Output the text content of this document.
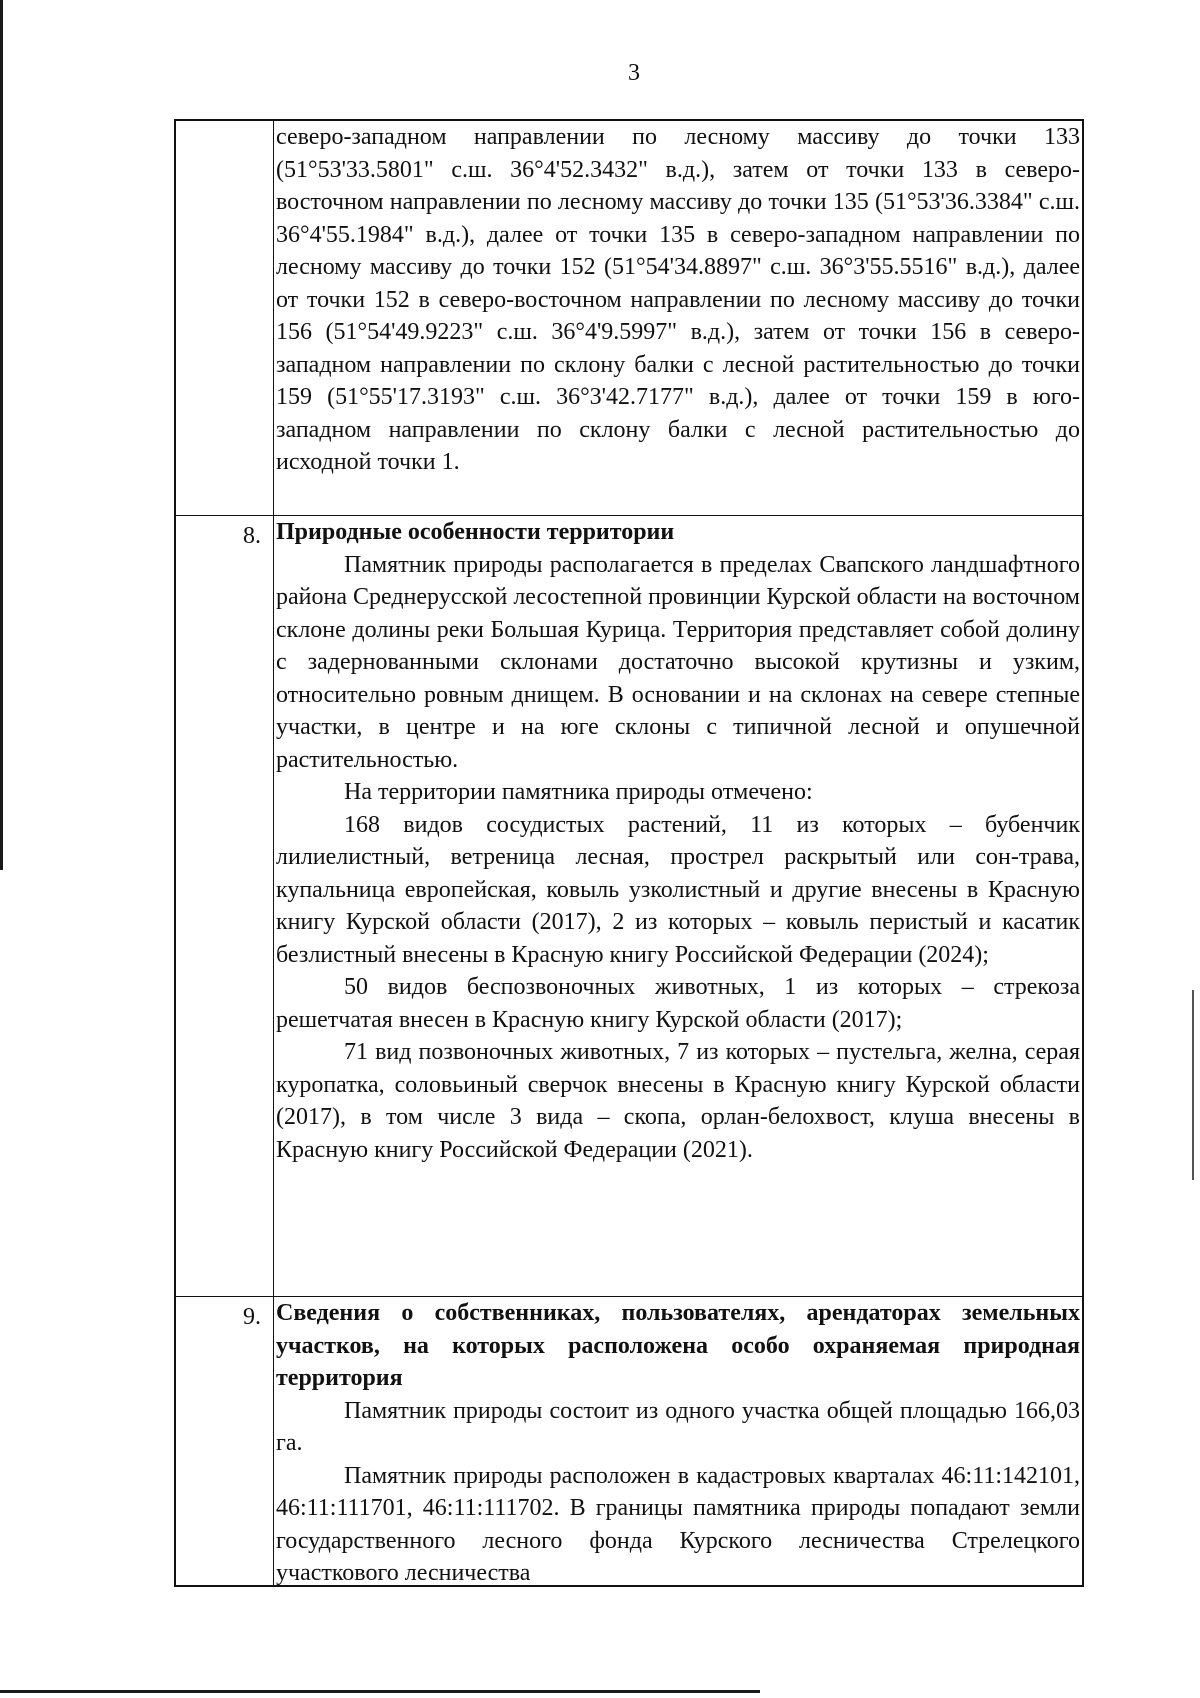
3

северо-западном направлении по лесному массиву до точки 133 (51°53'33.5801" с.ш. 36°4'52.3432" в.д.), затем от точки 133 в северо-восточном направлении по лесному массиву до точки 135 (51°53'36.3384" с.ш. 36°4'55.1984" в.д.), далее от точки 135 в северо-западном направлении по лесному массиву до точки 152 (51°54'34.8897" с.ш. 36°3'55.5516" в.д.), далее от точки 152 в северо-восточном направлении по лесному массиву до точки 156 (51°54'49.9223" с.ш. 36°4'9.5997" в.д.), затем от точки 156 в северо-западном направлении по склону балки с лесной растительностью до точки 159 (51°55'17.3193" с.ш. 36°3'42.7177" в.д.), далее от точки 159 в юго-западном направлении по склону балки с лесной растительностью до исходной точки 1.

8. Природные особенности территории

Памятник природы располагается в пределах Свапского ландшафтного района Среднерусской лесостепной провинции Курской области на восточном склоне долины реки Большая Курица. Территория представляет собой долину с задернованными склонами достаточно высокой крутизны и узким, относительно ровным днищем. В основании и на склонах на севере степные участки, в центре и на юге склоны с типичной лесной и опушечной растительностью.

На территории памятника природы отмечено:

168 видов сосудистых растений, 11 из которых – бубенчик лилиелистный, ветреница лесная, прострел раскрытый или сон-трава, купальница европейская, ковыль узколистный и другие внесены в Красную книгу Курской области (2017), 2 из которых – ковыль перистый и касатик безлистный внесены в Красную книгу Российской Федерации (2024);

50 видов беспозвоночных животных, 1 из которых – стрекоза решетчатая внесен в Красную книгу Курской области (2017);

71 вид позвоночных животных, 7 из которых – пустельга, желна, серая куропатка, соловьиный сверчок внесены в Красную книгу Курской области (2017), в том числе 3 вида – скопа, орлан-белохвост, клуша внесены в Красную книгу Российской Федерации (2021).

9. Сведения о собственниках, пользователях, арендаторах земельных участков, на которых расположена особо охраняемая природная территория

Памятник природы состоит из одного участка общей площадью 166,03 га.

Памятник природы расположен в кадастровых кварталах 46:11:142101, 46:11:111701, 46:11:111702. В границы памятника природы попадают земли государственного лесного фонда Курского лесничества Стрелецкого участкового лесничества
